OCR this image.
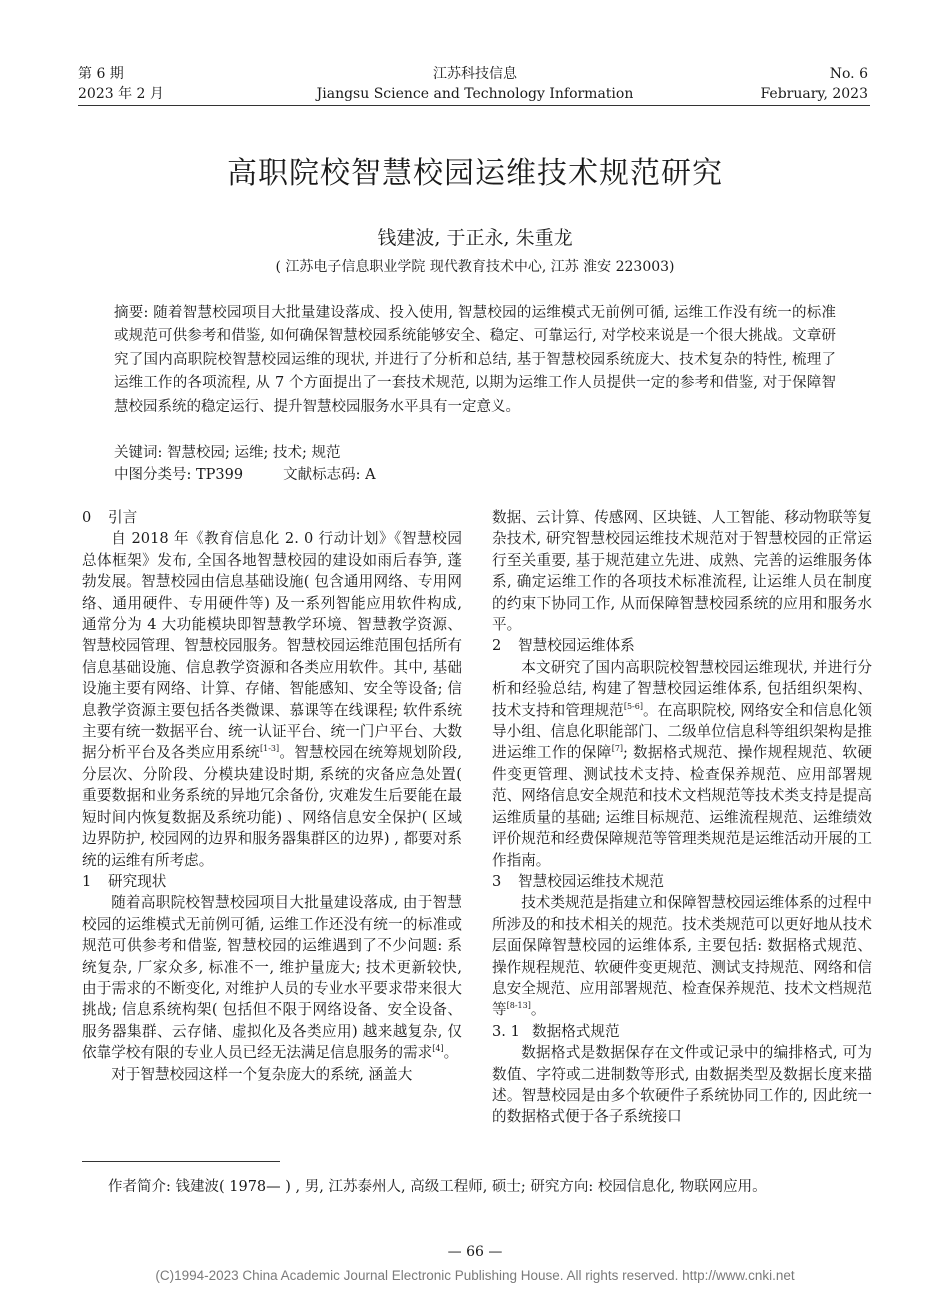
第 6 期
2023 年 2 月
江苏科技信息
Jiangsu Science and Technology Information
No. 6
February, 2023
高职院校智慧校园运维技术规范研究
钱建波, 于正永, 朱重龙
( 江苏电子信息职业学院 现代教育技术中心, 江苏 淮安 223003)
摘要: 随着智慧校园项目大批量建设落成、投入使用, 智慧校园的运维模式无前例可循, 运维工作没有统一的标准或规范可供参考和借鉴, 如何确保智慧校园系统能够安全、稳定、可靠运行, 对学校来说是一个很大挑战。文章研究了国内高职院校智慧校园运维的现状, 并进行了分析和总结, 基于智慧校园系统庞大、技术复杂的特性, 梳理了运维工作的各项流程, 从 7 个方面提出了一套技术规范, 以期为运维工作人员提供一定的参考和借鉴, 对于保障智慧校园系统的稳定运行、提升智慧校园服务水平具有一定意义。
关键词: 智慧校园; 运维; 技术; 规范
中图分类号: TP399	文献标志码: A
0 引言

自 2018 年《教育信息化 2. 0 行动计划》《智慧校园总体框架》发布, 全国各地智慧校园的建设如雨后春笋, 蓬勃发展。智慧校园由信息基础设施( 包含通用网络、专用网络、通用硬件、专用硬件等) 及一系列智能应用软件构成, 通常分为 4 大功能模块即智慧教学环境、智慧教学资源、智慧校园管理、智慧校园服务。智慧校园运维范围包括所有信息基础设施、信息教学资源和各类应用软件。其中, 基础设施主要有网络、计算、存储、智能感知、安全等设备; 信息教学资源主要包括各类微课、慕课等在线课程; 软件系统主要有统一数据平台、统一认证平台、统一门户平台、大数据分析平台及各类应用系统[1-3]。智慧校园在统筹规划阶段, 分层次、分阶段、分模块建设时期, 系统的灾备应急处置( 重要数据和业务系统的异地冗余备份, 灾难发生后要能在最短时间内恢复数据及系统功能) 、网络信息安全保护( 区域边界防护, 校园网的边界和服务器集群区的边界) , 都要对系统的运维有所考虑。

1 研究现状

随着高职院校智慧校园项目大批量建设落成, 由于智慧校园的运维模式无前例可循, 运维工作还没有统一的标准或规范可供参考和借鉴, 智慧校园的运维遇到了不少问题: 系统复杂, 厂家众多, 标准不一, 维护量庞大; 技术更新较快, 由于需求的不断变化, 对维护人员的专业水平要求带来很大挑战; 信息系统构架( 包括但不限于网络设备、安全设备、服务器集群、云存储、虚拟化及各类应用) 越来越复杂, 仅依靠学校有限的专业人员已经无法满足信息服务的需求[4]。

对于智慧校园这样一个复杂庞大的系统, 涵盖大

数据、云计算、传感网、区块链、人工智能、移动物联等复杂技术, 研究智慧校园运维技术规范对于智慧校园的正常运行至关重要, 基于规范建立先进、成熟、完善的运维服务体系, 确定运维工作的各项技术标准流程, 让运维人员在制度的约束下协同工作, 从而保障智慧校园系统的应用和服务水平。

2 智慧校园运维体系

本文研究了国内高职院校智慧校园运维现状, 并进行分析和经验总结, 构建了智慧校园运维体系, 包括组织架构、技术支持和管理规范[5-6]。在高职院校, 网络安全和信息化领导小组、信息化职能部门、二级单位信息科等组织架构是推进运维工作的保障[7]; 数据格式规范、操作规程规范、软硬件变更管理、测试技术支持、检查保养规范、应用部署规范、网络信息安全规范和技术文档规范等技术类支持是提高运维质量的基础; 运维目标规范、运维流程规范、运维绩效评价规范和经费保障规范等管理类规范是运维活动开展的工作指南。

3 智慧校园运维技术规范

技术类规范是指建立和保障智慧校园运维体系的过程中所涉及的和技术相关的规范。技术类规范可以更好地从技术层面保障智慧校园的运维体系, 主要包括: 数据格式规范、操作规程规范、软硬件变更规范、测试支持规范、网络和信息安全规范、应用部署规范、检查保养规范、技术文档规范等[8-13]。

3. 1 数据格式规范

数据格式是数据保存在文件或记录中的编排格式, 可为数值、字符或二进制数等形式, 由数据类型及数据长度来描述。智慧校园是由多个软硬件子系统协同工作的, 因此统一的数据格式便于各子系统接口

作者简介: 钱建波( 1978— ) , 男, 江苏泰州人, 高级工程师, 硕士; 研究方向: 校园信息化, 物联网应用。
— 66 —
(C)1994-2023 China Academic Journal Electronic Publishing House. All rights reserved. http://www.cnki.net
